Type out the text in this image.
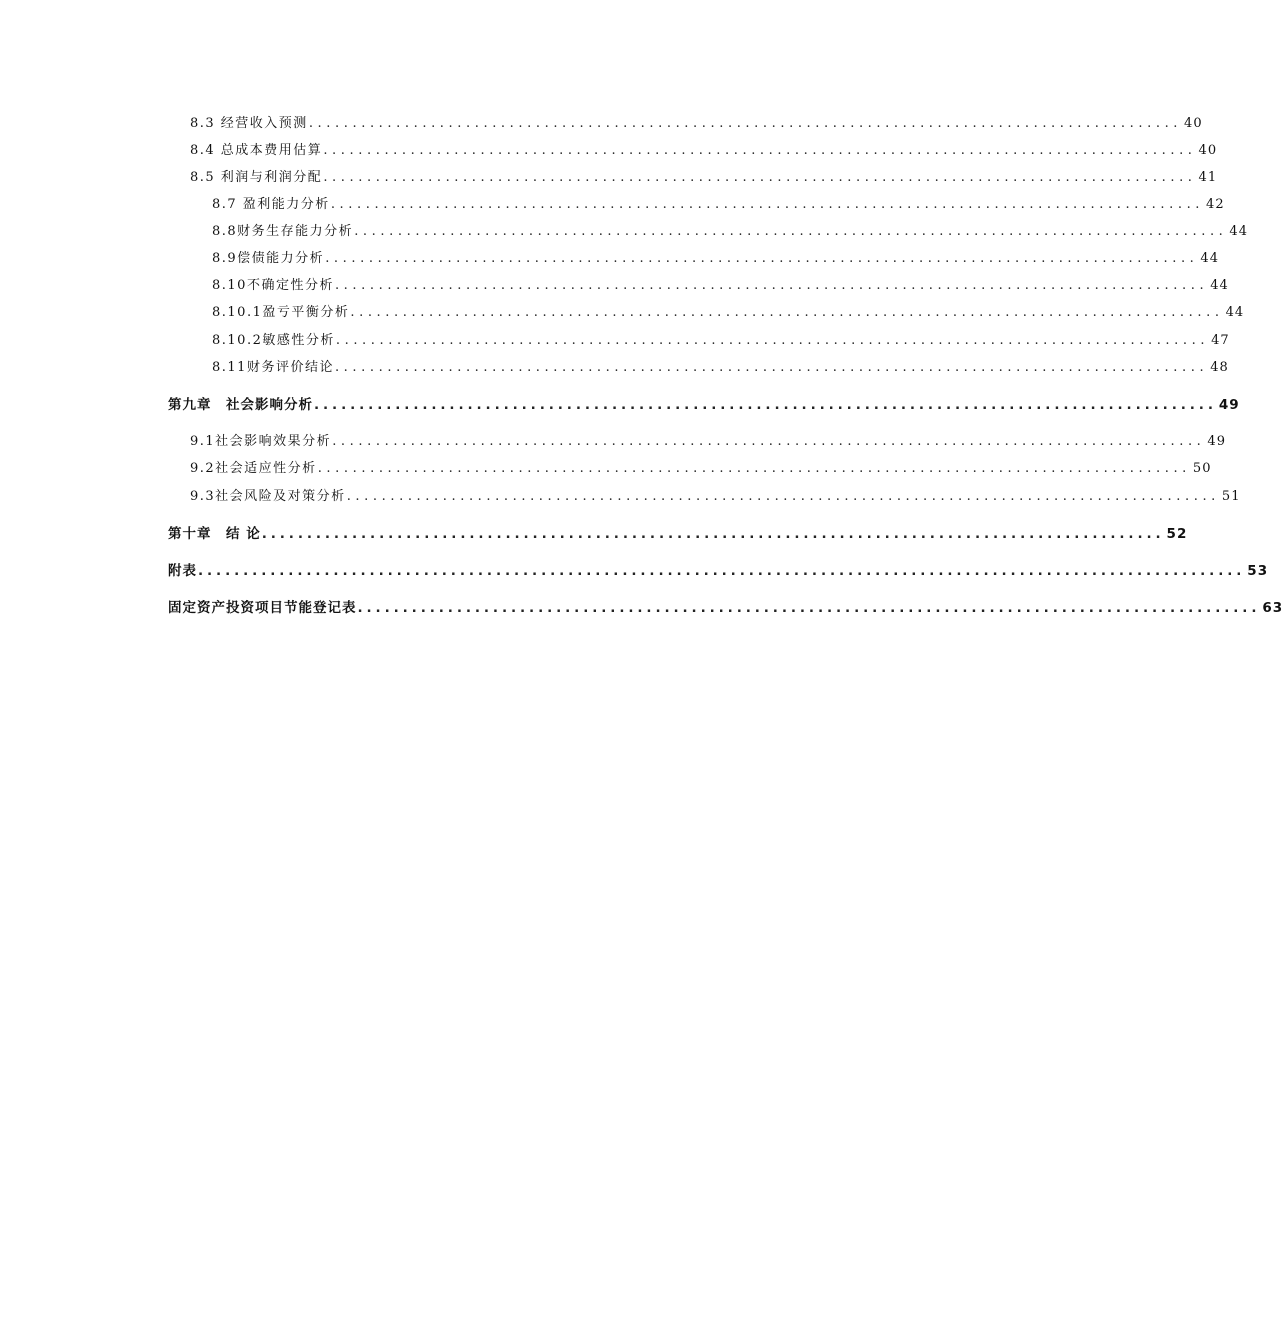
8.3 经营收入预测 .................................................................................................... 40
8.4 总成本费用估算 .................................................................................................... 40
8.5 利润与利润分配 .................................................................................................... 41
8.7 盈利能力分析 .................................................................................................... 42
8.8财务生存能力分析 .................................................................................................... 44
8.9偿债能力分析 .................................................................................................... 44
8.10不确定性分析 .................................................................................................... 44
8.10.1盈亏平衡分析 .................................................................................................... 44
8.10.2敏感性分析 .................................................................................................... 47
8.11财务评价结论 .................................................................................................... 48
第九章　社会影响分析 .................................................................................................... 49
9.1社会影响效果分析 .................................................................................................... 49
9.2社会适应性分析 .................................................................................................... 50
9.3社会风险及对策分析 .................................................................................................... 51
第十章　结 论 .................................................................................................... 52
附表 .................................................................................................................... 53
固定资产投资项目节能登记表 .................................................................................................... 63
